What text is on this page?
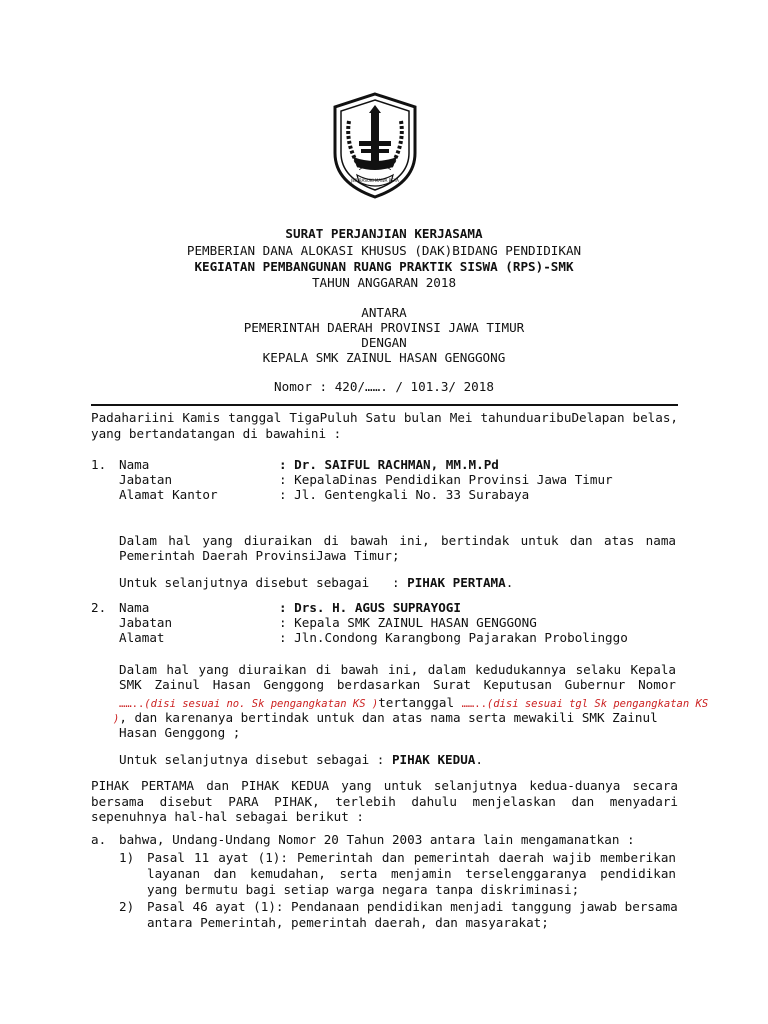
JER BASUKI MAWA BEYA
SURAT PERJANJIAN KERJASAMA
PEMBERIAN DANA ALOKASI KHUSUS (DAK)BIDANG PENDIDIKAN
KEGIATAN PEMBANGUNAN RUANG PRAKTIK SISWA (RPS)-SMK
TAHUN ANGGARAN 2018
ANTARA
PEMERINTAH DAERAH PROVINSI JAWA TIMUR
DENGAN
KEPALA SMK ZAINUL HASAN GENGGONG
Nomor : 420/……. / 101.3/ 2018
Padahariini Kamis tanggal TigaPuluh Satu bulan Mei tahunduaribuDelapan belas,
yang bertandatangan di bawahini :
1. Nama
Jabatan
Alamat Kantor
: Dr. SAIFUL RACHMAN, MM.M.Pd
: KepalaDinas Pendidikan Provinsi Jawa Timur
: Jl. Gentengkali No. 33 Surabaya
Dalam hal yang diuraikan di bawah ini, bertindak untuk dan atas nama
Pemerintah Daerah ProvinsiJawa Timur;
Untuk selanjutnya disebut sebagai   : PIHAK PERTAMA.
2. Nama
Jabatan
Alamat
: Drs. H. AGUS SUPRAYOGI
: Kepala SMK ZAINUL HASAN GENGGONG
: Jln.Condong Karangbong Pajarakan Probolinggo
Dalam hal yang diuraikan di bawah ini, dalam kedudukannya selaku Kepala
SMK Zainul Hasan Genggong berdasarkan Surat Keputusan Gubernur Nomor
……..(disi sesuai no. Sk pengangkatan KS )tertanggal ……..(disi sesuai tgl Sk pengangkatan KS
), dan karenanya bertindak untuk dan atas nama serta mewakili SMK Zainul
Hasan Genggong ;
Untuk selanjutnya disebut sebagai : PIHAK KEDUA.
PIHAK PERTAMA dan PIHAK KEDUA yang untuk selanjutnya kedua-duanya secara
bersama disebut PARA PIHAK, terlebih dahulu menjelaskan dan menyadari
sepenuhnya hal-hal sebagai berikut :
a. bahwa, Undang-Undang Nomor 20 Tahun 2003 antara lain mengamanatkan :
1) Pasal 11 ayat (1): Pemerintah dan pemerintah daerah wajib memberikan
layanan dan kemudahan, serta menjamin terselenggaranya pendidikan
yang bermutu bagi setiap warga negara tanpa diskriminasi;
2) Pasal 46 ayat (1): Pendanaan pendidikan menjadi tanggung jawab bersama
antara Pemerintah, pemerintah daerah, dan masyarakat;
